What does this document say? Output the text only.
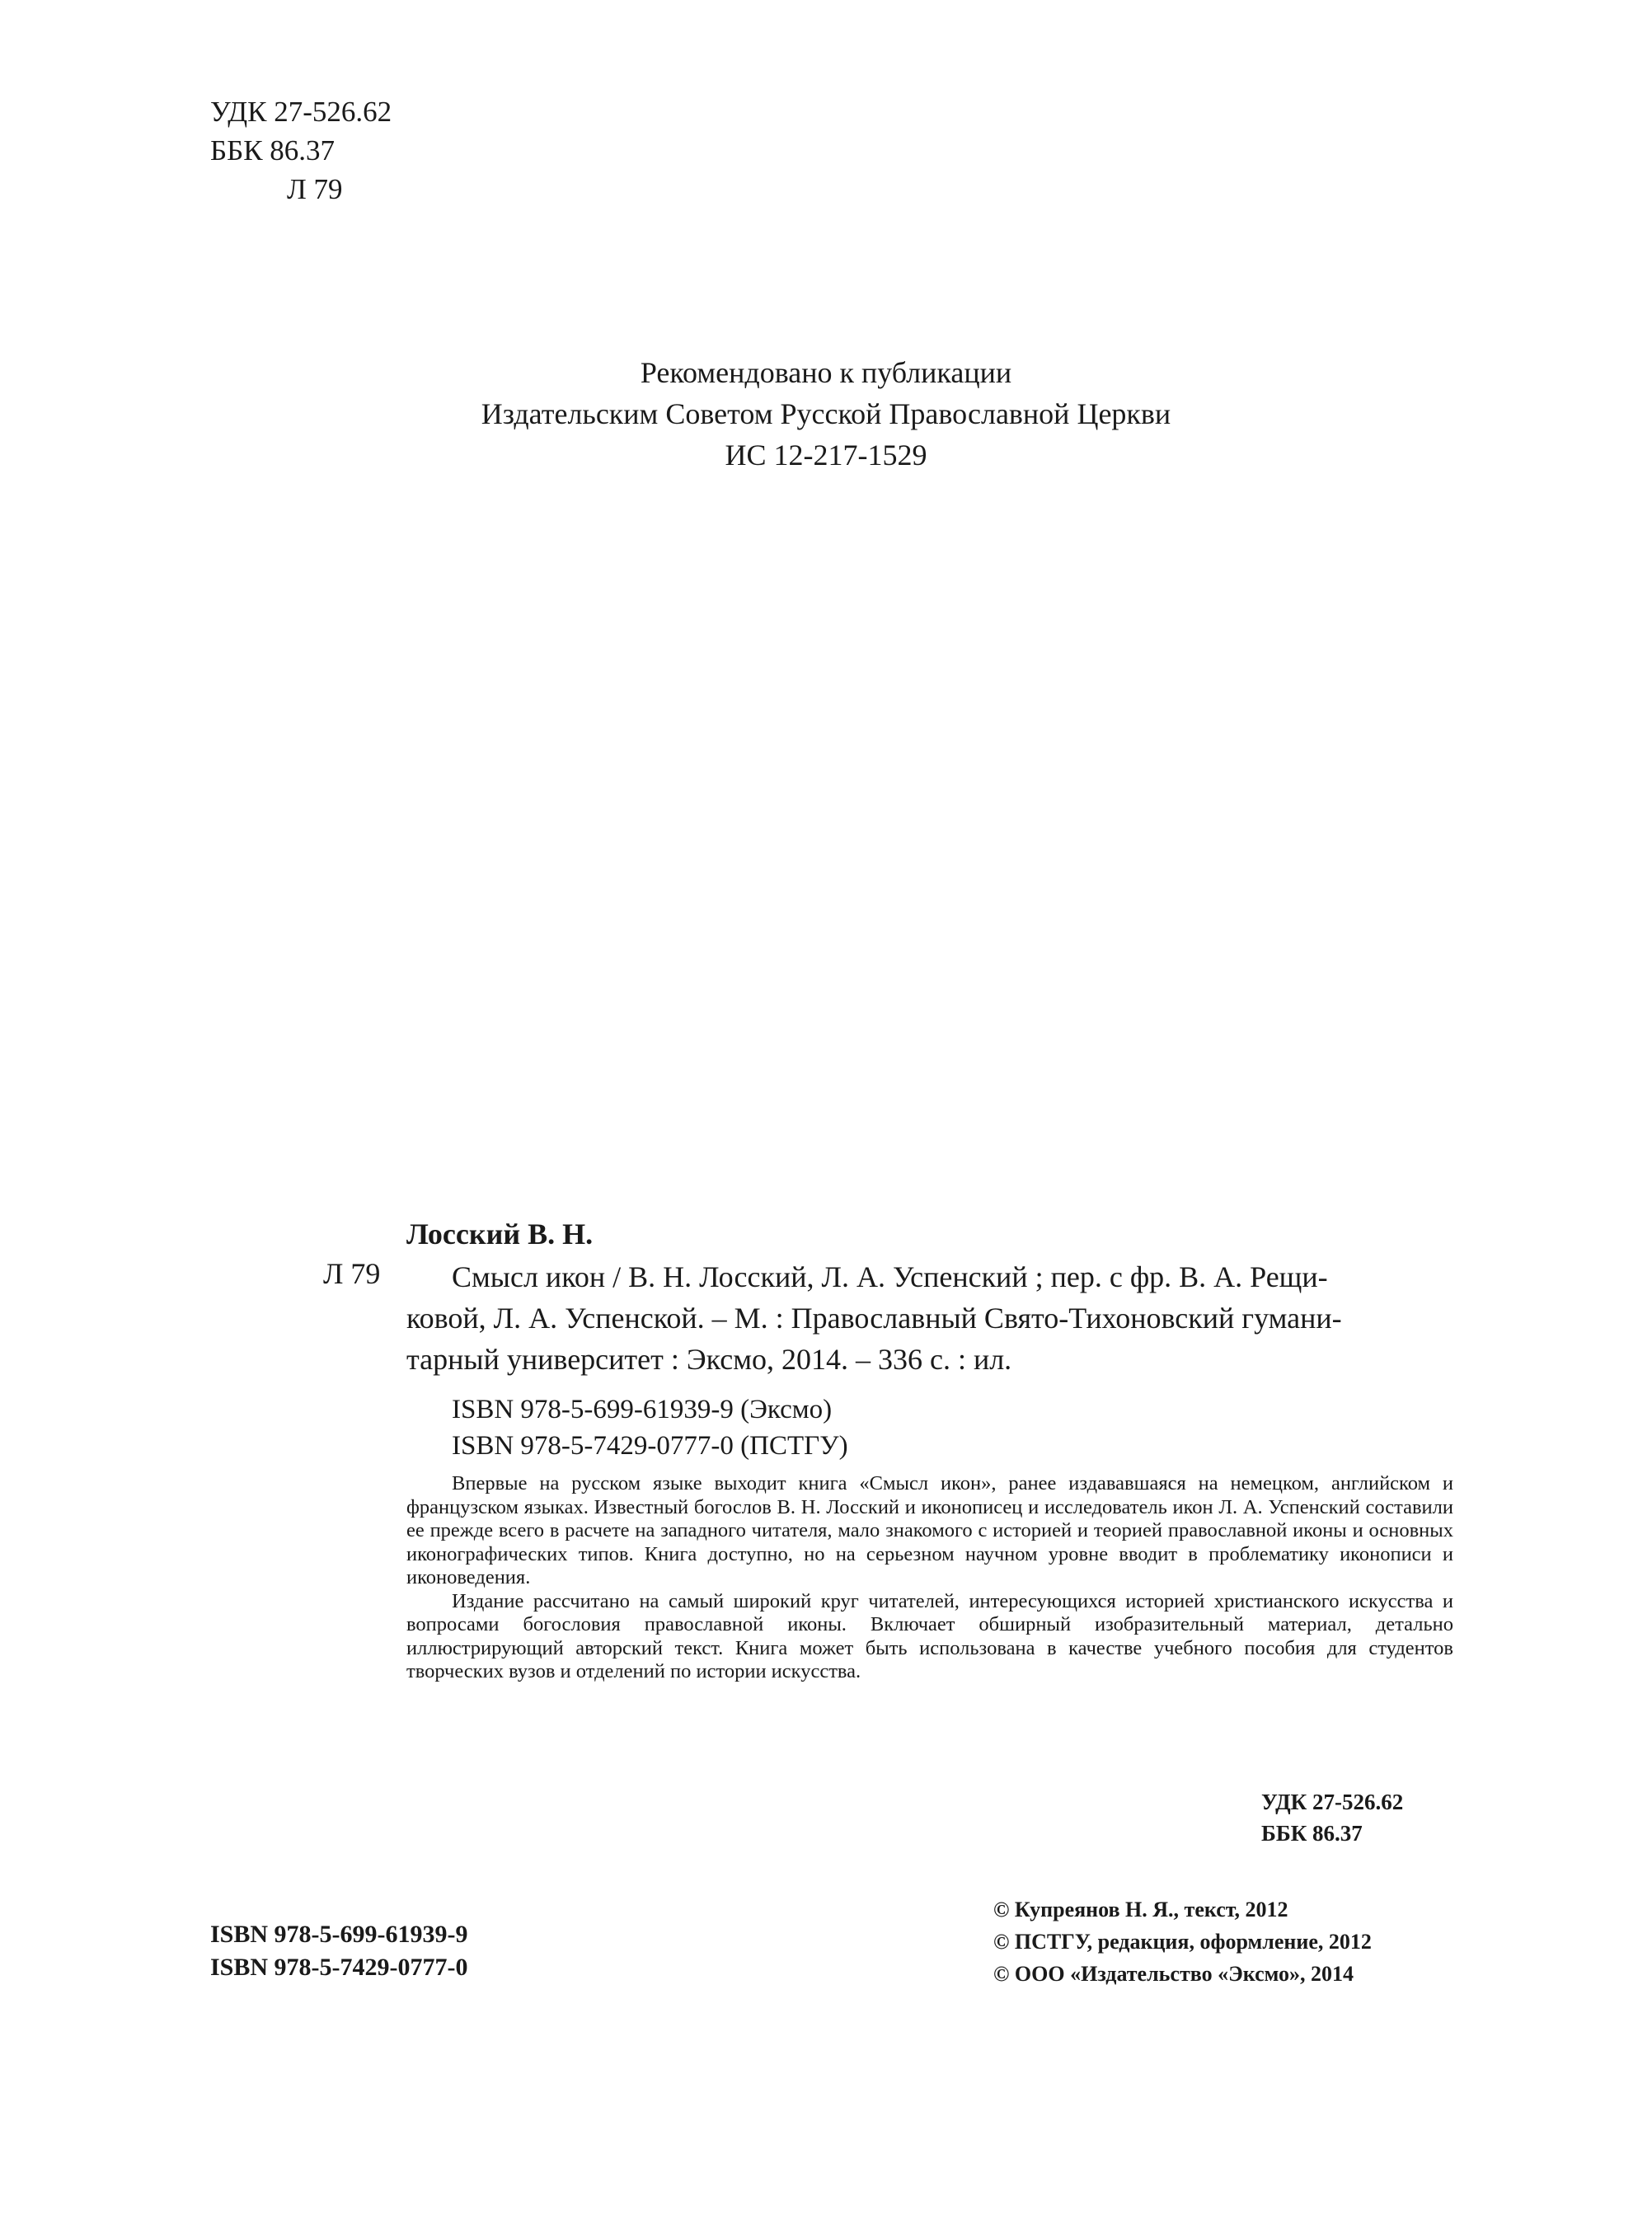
УДК 27-526.62
ББК 86.37
Л 79
Рекомендовано к публикации
Издательским Советом Русской Православной Церкви
ИС 12-217-1529
Лосский В. Н.
Л 79	Смысл икон / В. Н. Лосский, Л. А. Успенский ; пер. с фр. В. А. Рещи-
ковой, Л. А. Успенской. – М. : Православный Свято-Тихоновский гумани-
тарный университет : Эксмо, 2014. – 336 с. : ил.
ISBN 978-5-699-61939-9 (Эксмо)
ISBN 978-5-7429-0777-0 (ПСТГУ)

Впервые на русском языке выходит книга «Смысл икон», ранее издававшаяся на немецком, английском и французском языках. Известный богослов В. Н. Лосский и иконописец и исследователь икон Л. А. Успенский составили ее прежде всего в расчете на западного читателя, мало знакомого с историей и теорией православной иконы и основных иконографических типов. Книга доступно, но на серьезном научном уровне вводит в проблематику иконописи и иконоведения.

Издание рассчитано на самый широкий круг читателей, интересующихся историей христианского искусства и вопросами богословия православной иконы. Включает обширный изобразительный материал, детально иллюстрирующий авторский текст. Книга может быть использована в качестве учебного пособия для студентов творческих вузов и отделений по истории искусства.

УДК 27-526.62
ББК 86.37
ISBN 978-5-699-61939-9
ISBN 978-5-7429-0777-0
© Купреянов Н. Я., текст, 2012
© ПСТГУ, редакция, оформление, 2012
© ООО «Издательство «Эксмо», 2014
